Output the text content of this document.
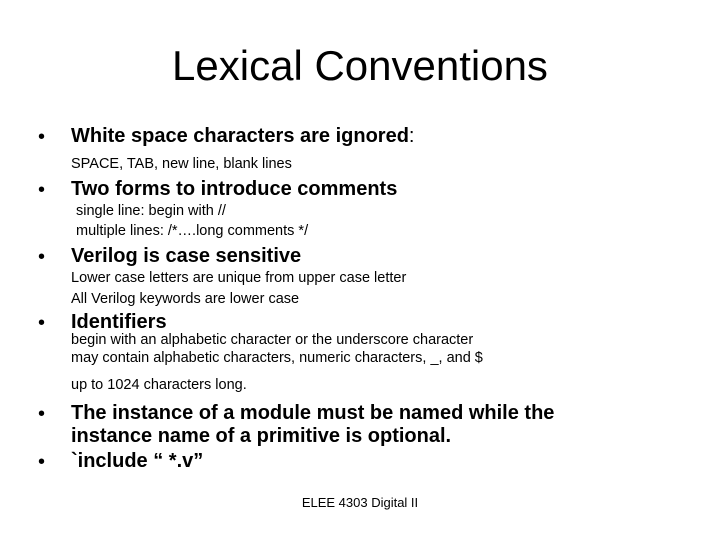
Lexical Conventions
• White space characters are ignored:
SPACE, TAB, new line, blank lines
• Two forms to introduce comments
single line: begin with //
multiple lines: /*….long comments */
• Verilog is case sensitive
Lower case letters are unique from upper case letter
All Verilog keywords are lower case
• Identifiers
begin with an alphabetic character or the underscore character
may contain alphabetic characters, numeric characters, _, and $
up to 1024 characters long.
• The instance of a module must be named while the
instance name of a primitive is optional.
• `include “ *.v”
ELEE 4303 Digital II
